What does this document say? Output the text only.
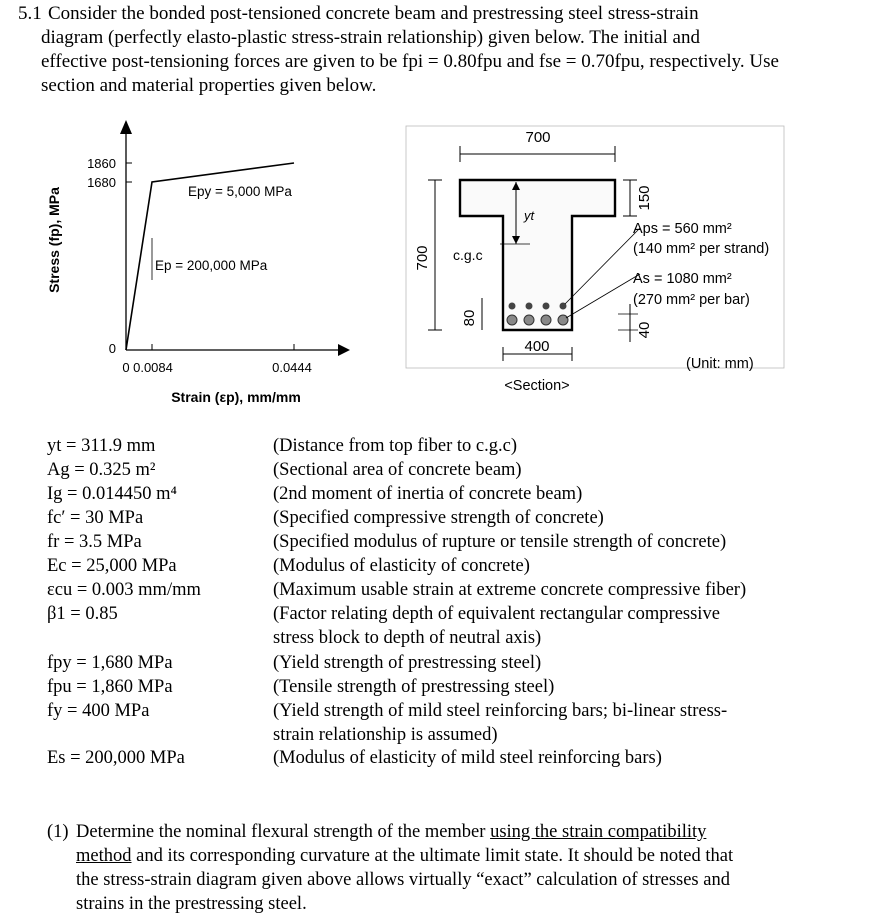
5.1 Consider the bonded post-tensioned concrete beam and prestressing steel stress-strain
diagram (perfectly elasto-plastic stress-strain relationship) given below. The initial and
effective post-tensioning forces are given to be fpi = 0.80fpu and fse = 0.70fpu, respectively. Use
section and material properties given below.
1860
1680
0
0 0.0084	0.0444
Epy = 5,000 MPa
Ep = 200,000 MPa
Strain (εp), mm/mm
Stress (fp), MPa
700
yt
c.g.c
700
80
400
150
40
Aps = 560 mm²
(140 mm² per strand)
As = 1080 mm²
(270 mm² per bar)
(Unit: mm)
<Section>
yt = 311.9 mm
Ag = 0.325 m²
Ig = 0.014450 m⁴
fc′ = 30 MPa
fr = 3.5 MPa
Ec = 25,000 MPa
εcu = 0.003 mm/mm
β1 = 0.85
fpy = 1,680 MPa
fpu = 1,860 MPa
fy = 400 MPa
Es = 200,000 MPa
(Distance from top fiber to c.g.c)
(Sectional area of concrete beam)
(2nd moment of inertia of concrete beam)
(Specified compressive strength of concrete)
(Specified modulus of rupture or tensile strength of concrete)
(Modulus of elasticity of concrete)
(Maximum usable strain at extreme concrete compressive fiber)
(Factor relating depth of equivalent rectangular compressive
stress block to depth of neutral axis)
(Yield strength of prestressing steel)
(Tensile strength of prestressing steel)
(Yield strength of mild steel reinforcing bars; bi-linear stress-
strain relationship is assumed)
(Modulus of elasticity of mild steel reinforcing bars)
(1) Determine the nominal flexural strength of the member using the strain compatibility
method and its corresponding curvature at the ultimate limit state. It should be noted that
the stress-strain diagram given above allows virtually “exact” calculation of stresses and
strains in the prestressing steel.
